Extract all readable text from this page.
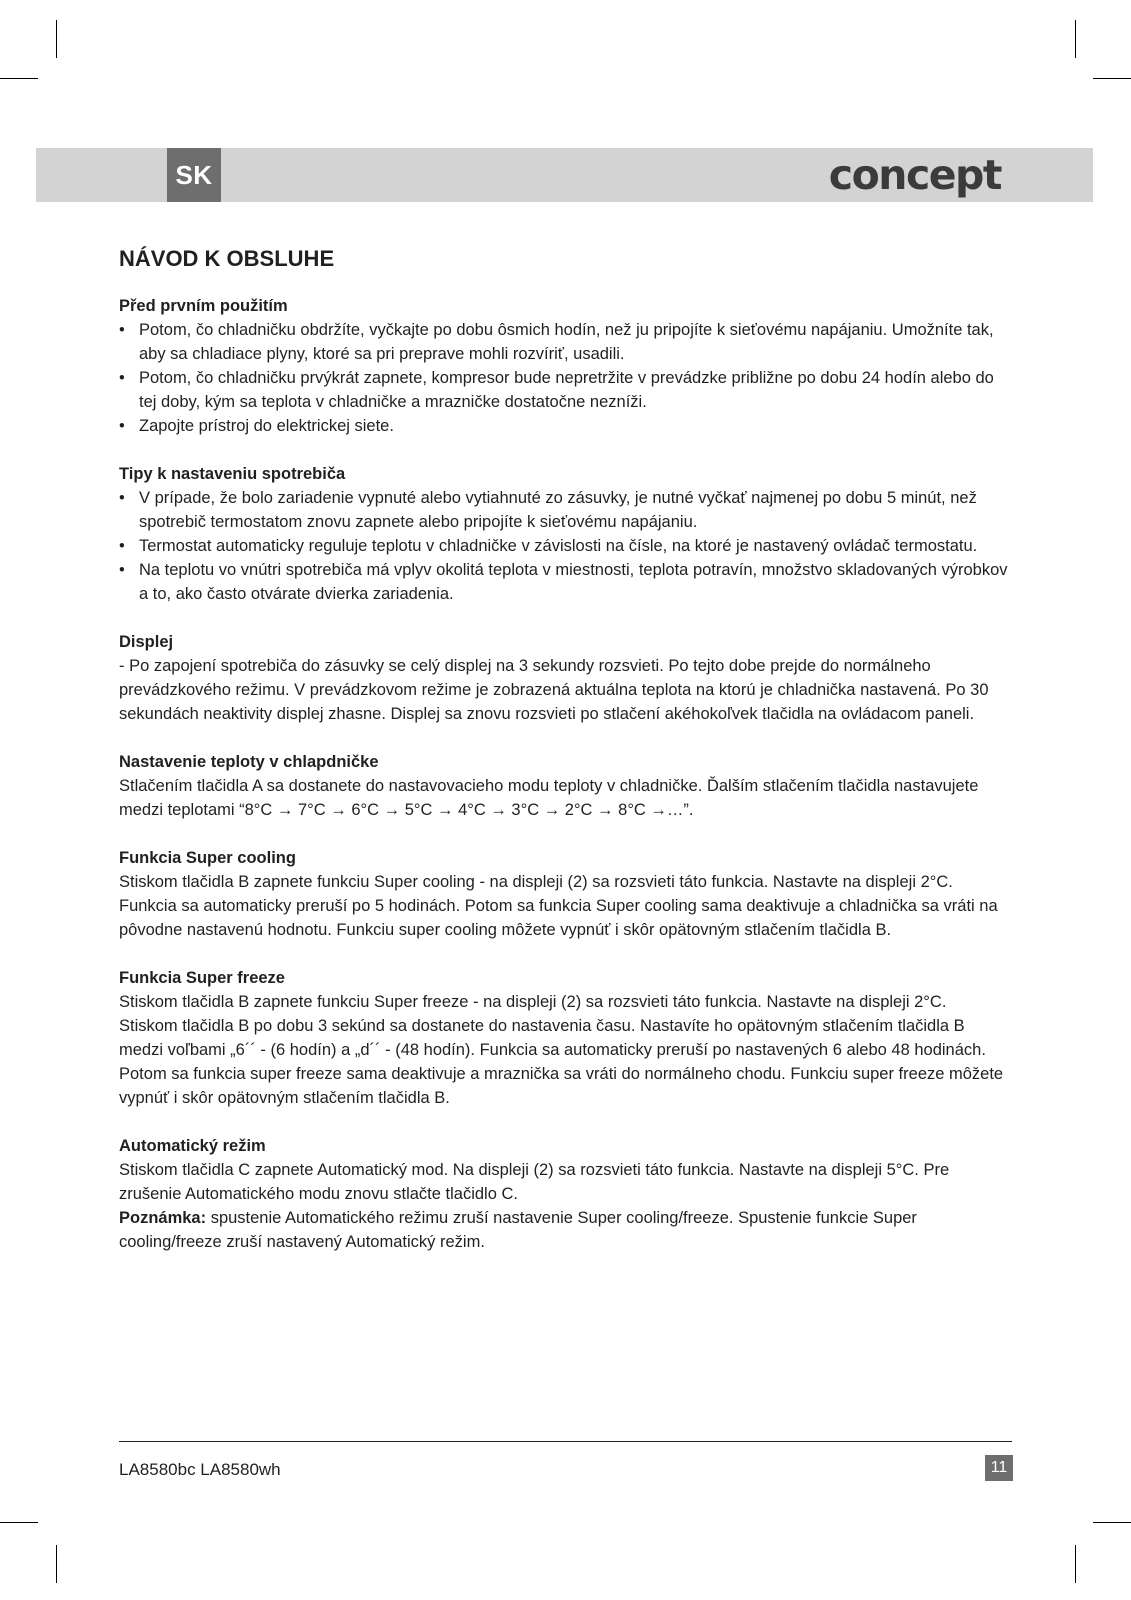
SK	concept
NÁVOD K OBSLUHE
Před prvním použitím
• Potom, čo chladničku obdržíte, vyčkajte po dobu ôsmich hodín, než ju pripojíte k sieťovému napájaniu. Umožníte tak, aby sa chladiace plyny, ktoré sa pri preprave mohli rozvíriť, usadili.
• Potom, čo chladničku prvýkrát zapnete, kompresor bude nepretržite v prevádzke približne po dobu 24 hodín alebo do tej doby, kým sa teplota v chladničke a mrazničke dostatočne nezníži.
• Zapojte prístroj do elektrickej siete.
Tipy k nastaveniu spotrebiča
• V prípade, že bolo zariadenie vypnuté alebo vytiahnuté zo zásuvky, je nutné vyčkať najmenej po dobu 5 minút, než spotrebič termostatom znovu zapnete alebo pripojíte k sieťovému napájaniu.
• Termostat automaticky reguluje teplotu v chladničke v závislosti na čísle, na ktoré je nastavený ovládač termostatu.
• Na teplotu vo vnútri spotrebiča má vplyv okolitá teplota v miestnosti, teplota potravín, množstvo skladovaných výrobkov a to, ako často otvárate dvierka zariadenia.
Displej

- Po zapojení spotrebiča do zásuvky se celý displej na 3 sekundy rozsvieti. Po tejto dobe prejde do normálneho prevádzkového režimu. V prevádzkovom režime je zobrazená aktuálna teplota na ktorú je chladnička nastavená. Po 30 sekundách neaktivity displej zhasne. Displej sa znovu rozsvieti po stlačení akéhokoľvek tlačidla na ovládacom paneli.

Nastavenie teploty v chlapdničke

Stlačením tlačidla A sa dostanete do nastavovacieho modu teploty v chladničke. Ďalším stlačením tlačidla nastavujete medzi teplotami “8°C → 7°C → 6°C → 5°C → 4°C → 3°C → 2°C → 8°C →…”.

Funkcia Super cooling

Stiskom tlačidla B zapnete funkciu Super cooling - na displeji (2) sa rozsvieti táto funkcia. Nastavte na displeji 2°C. Funkcia sa automaticky preruší po 5 hodinách. Potom sa funkcia Super cooling sama deaktivuje a chladnička sa vráti na pôvodne nastavenú hodnotu. Funkciu super cooling môžete vypnúť i skôr opätovným stlačením tlačidla B.

Funkcia Super freeze

Stiskom tlačidla B zapnete funkciu Super freeze - na displeji (2) sa rozsvieti táto funkcia. Nastavte na displeji 2°C. Stiskom tlačidla B po dobu 3 sekúnd sa dostanete do nastavenia času. Nastavíte ho opätovným stlačením tlačidla B medzi voľbami „6´´ - (6 hodín) a „d´´ - (48 hodín). Funkcia sa automaticky preruší po nastavených 6 alebo 48 hodinách. Potom sa funkcia super freeze sama deaktivuje a mraznička sa vráti do normálneho chodu. Funkciu super freeze môžete vypnúť i skôr opätovným stlačením tlačidla B.

Automatický režim

Stiskom tlačidla C zapnete Automatický mod. Na displeji (2) sa rozsvieti táto funkcia. Nastavte na displeji 5°C. Pre zrušenie Automatického modu znovu stlačte tlačidlo C.

Poznámka: spustenie Automatického režimu zruší nastavenie Super cooling/freeze. Spustenie funkcie Super cooling/freeze zruší nastavený Automatický režim.

LA8580bc LA8580wh	11
